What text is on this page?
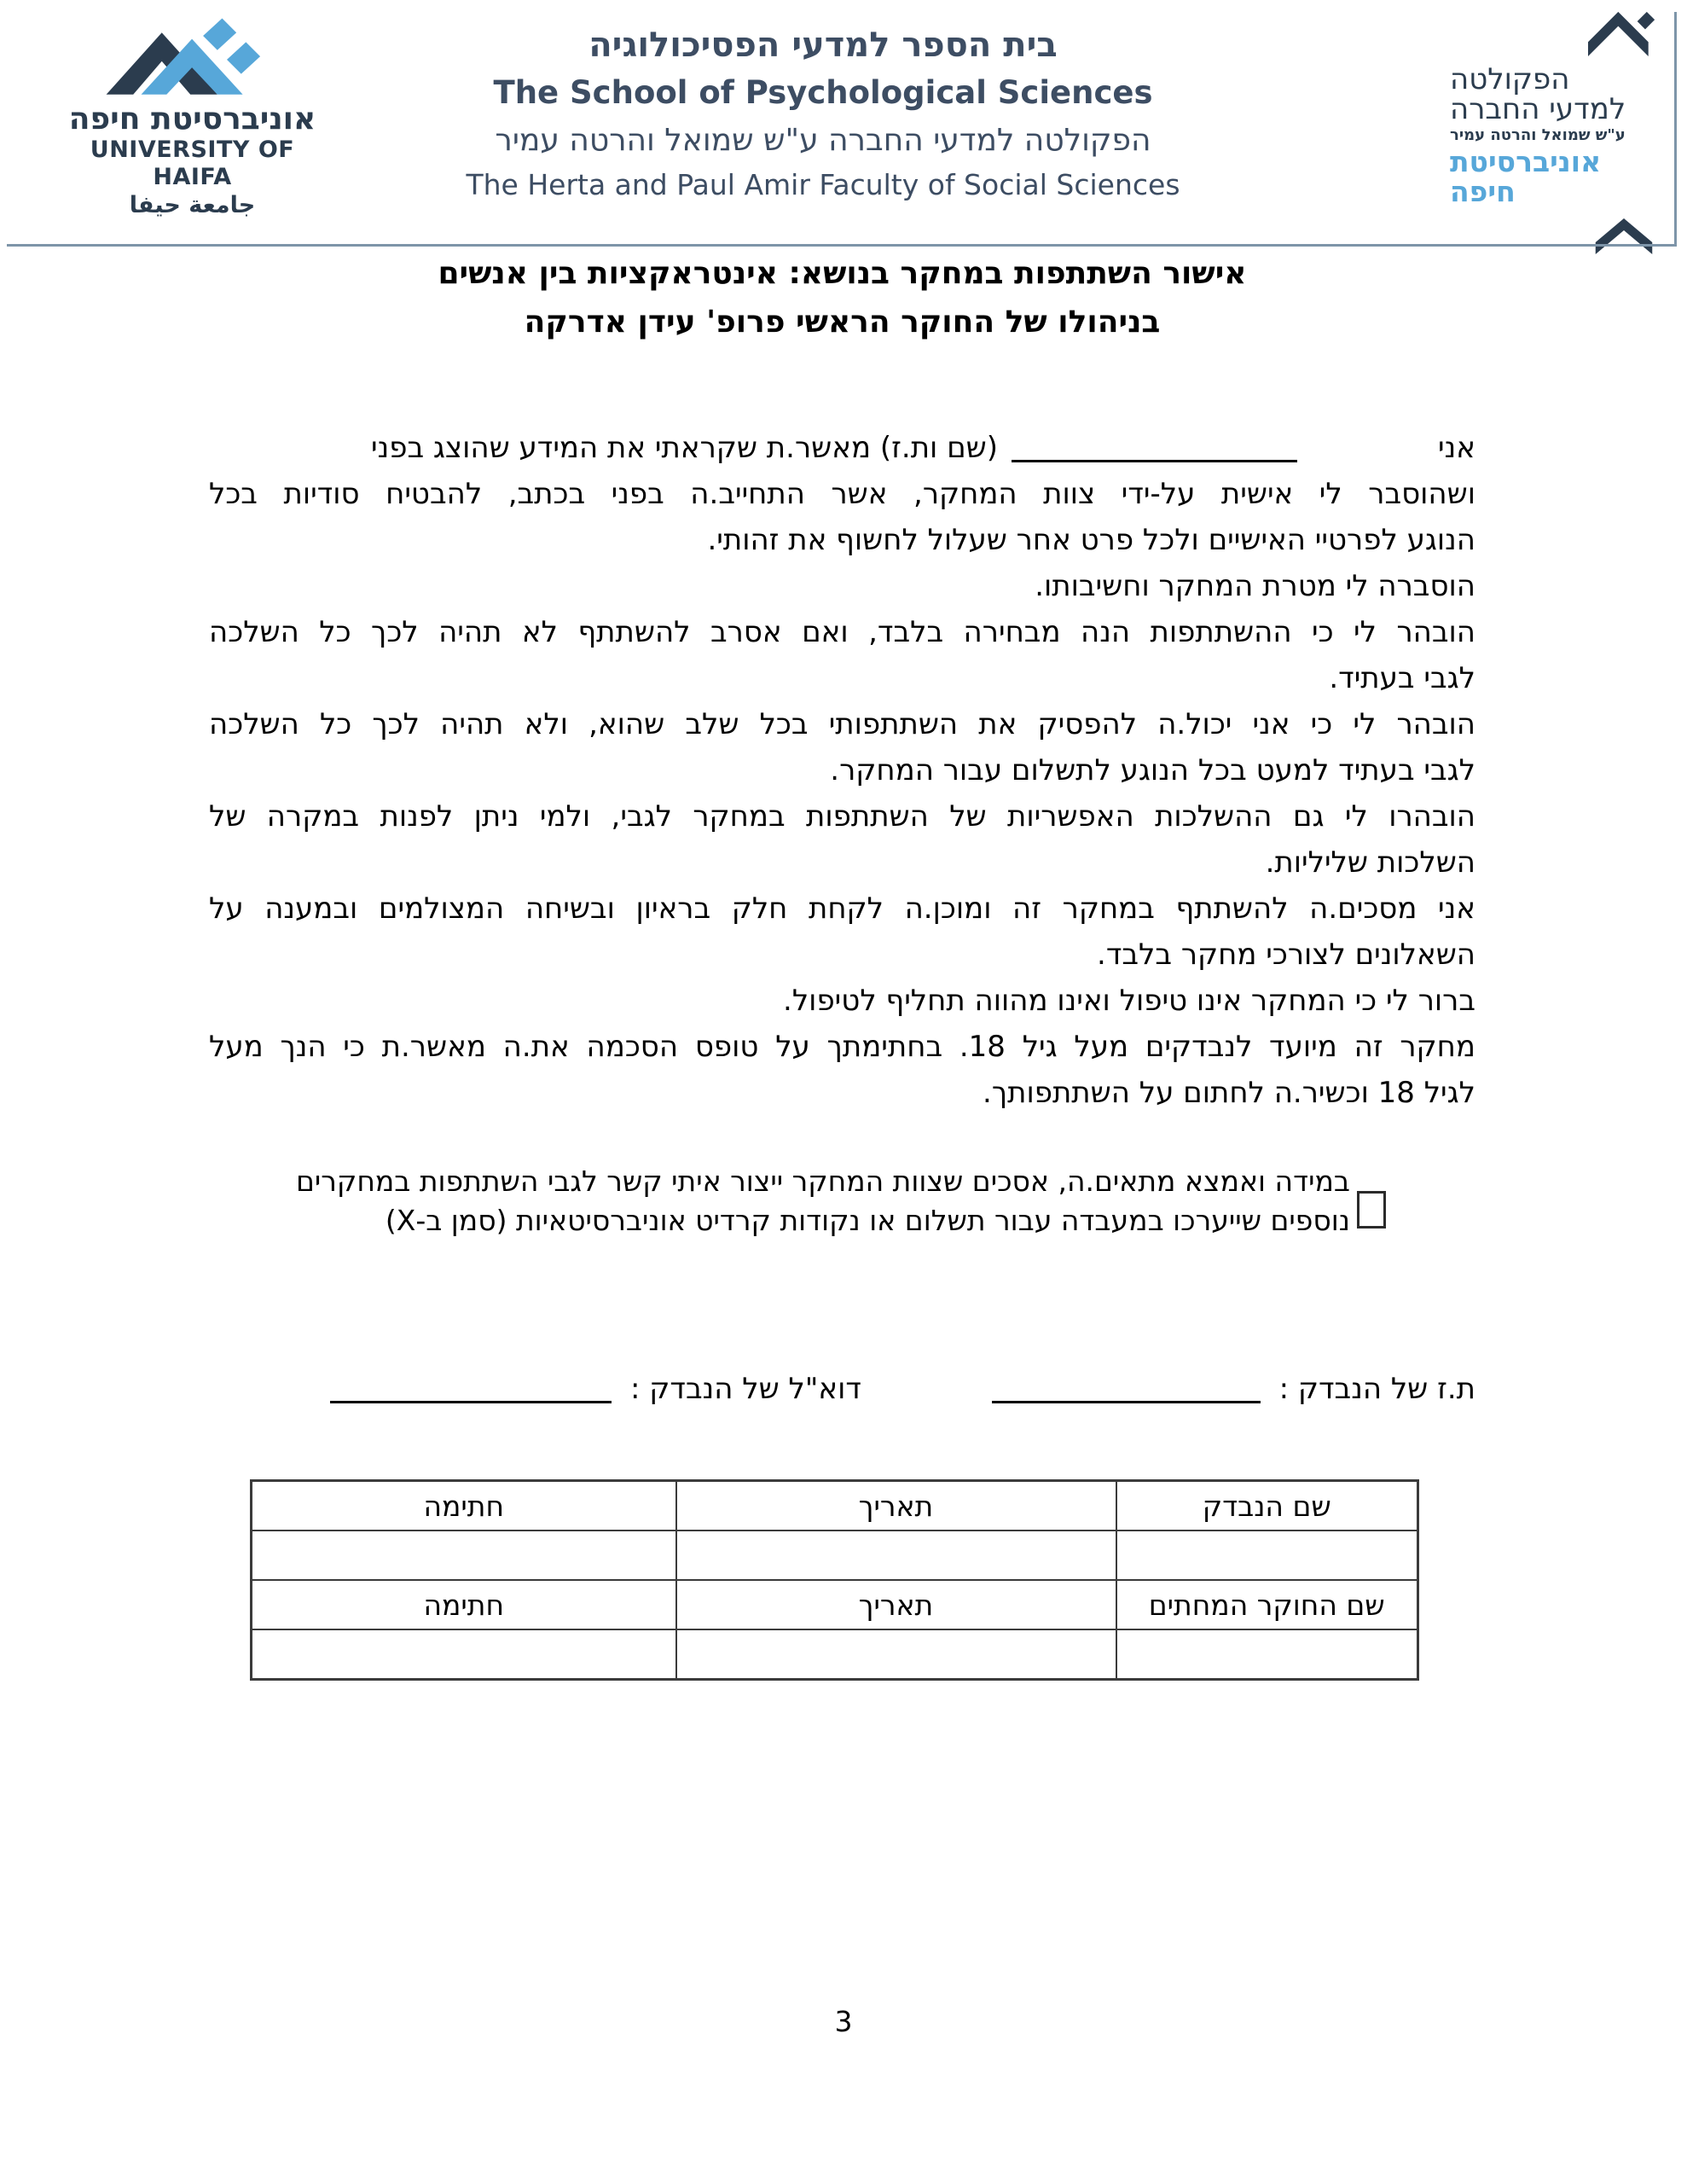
אוניברסיטת חיפה
UNIVERSITY OF HAIFA
جامعة حيفا
בית הספר למדעי הפסיכולוגיה
The School of Psychological Sciences
הפקולטה למדעי החברה ע"ש שמואל והרטה עמיר
The Herta and Paul Amir Faculty of Social Sciences
הפקולטה
למדעי החברה
ע"ש שמואל והרטה עמיר
אוניברסיטת
חיפה
אישור השתתפות במחקר בנושא: אינטראקציות בין אנשים
בניהולו של החוקר הראשי פרופ' עידן אדרקה
אני(שם ות.ז) מאשר.ת שקראתי את המידע שהוצג בפני
ושהוסבר לי אישית על-ידי צוות המחקר, אשר התחייב.ה בפני בכתב, להבטיח סודיות בכל
הנוגע לפרטיי האישיים ולכל פרט אחר שעלול לחשוף את זהותי.
הוסברה לי מטרת המחקר וחשיבותו.
הובהר לי כי ההשתתפות הנה מבחירה בלבד, ואם אסרב להשתתף לא תהיה לכך כל השלכה
לגבי בעתיד.
הובהר לי כי אני יכול.ה להפסיק את השתתפותי בכל שלב שהוא, ולא תהיה לכך כל השלכה
לגבי בעתיד למעט בכל הנוגע לתשלום עבור המחקר.
הובהרו לי גם ההשלכות האפשריות של השתתפות במחקר לגבי, ולמי ניתן לפנות במקרה של
השלכות שליליות.
אני מסכים.ה להשתתף במחקר זה ומוכן.ה לקחת חלק בראיון ובשיחה המצולמים ובמענה על
השאלונים לצורכי מחקר בלבד.
ברור לי כי המחקר אינו טיפול ואינו מהווה תחליף לטיפול.
מחקר זה מיועד לנבדקים מעל גיל 18. בחתימתך על טופס הסכמה את.ה מאשר.ת כי הנך מעל
לגיל 18 וכשיר.ה לחתום על השתתפותך.
במידה ואמצא מתאים.ה, אסכים שצוות המחקר ייצור איתי קשר לגבי השתתפות במחקרים
נוספים שייערכו במעבדה עבור תשלום או נקודות קרדיט אוניברסיטאיות (סמן ב-X)
ת.ז של הנבדק :
דוא"ל של הנבדק :
שם הנבדק	תאריך	חתימה

שם החוקר המחתים	תאריך	חתימה

3
